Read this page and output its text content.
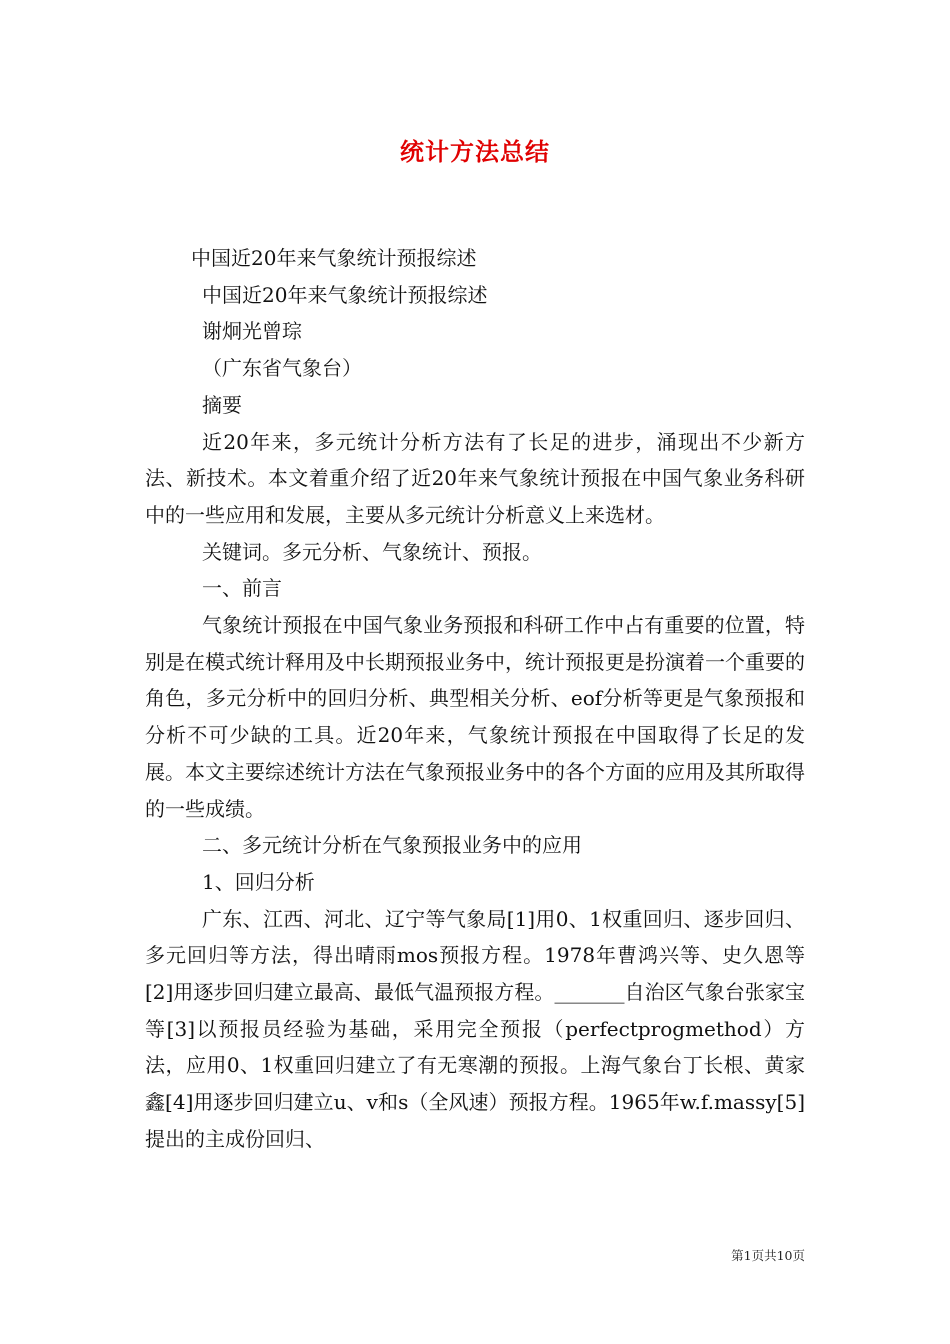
统计方法总结

中国近20年来气象统计预报综述

中国近20年来气象统计预报综述

谢炯光曾琮

（广东省气象台）

摘要

近20年来，多元统计分析方法有了长足的进步，涌现出不少新方法、新技术。本文着重介绍了近20年来气象统计预报在中国气象业务科研中的一些应用和发展，主要从多元统计分析意义上来选材。

关键词。多元分析、气象统计、预报。

一、前言

气象统计预报在中国气象业务预报和科研工作中占有重要的位置，特别是在模式统计释用及中长期预报业务中，统计预报更是扮演着一个重要的角色，多元分析中的回归分析、典型相关分析、eof分析等更是气象预报和分析不可少缺的工具。近20年来，气象统计预报在中国取得了长足的发展。本文主要综述统计方法在气象预报业务中的各个方面的应用及其所取得的一些成绩。

二、多元统计分析在气象预报业务中的应用

1、回归分析

广东、江西、河北、辽宁等气象局[1]用0、1权重回归、逐步回归、多元回归等方法，得出晴雨mos预报方程。1978年曹鸿兴等、史久恩等[2]用逐步回归建立最高、最低气温预报方程。_______自治区气象台张家宝等[3]以预报员经验为基础，采用完全预报（perfectprogmethod）方法，应用0、1权重回归建立了有无寒潮的预报。上海气象台丁长根、黄家鑫[4]用逐步回归建立u、v和s（全风速）预报方程。1965年w.f.massy[5]提出的主成份回归、

第1页共10页
